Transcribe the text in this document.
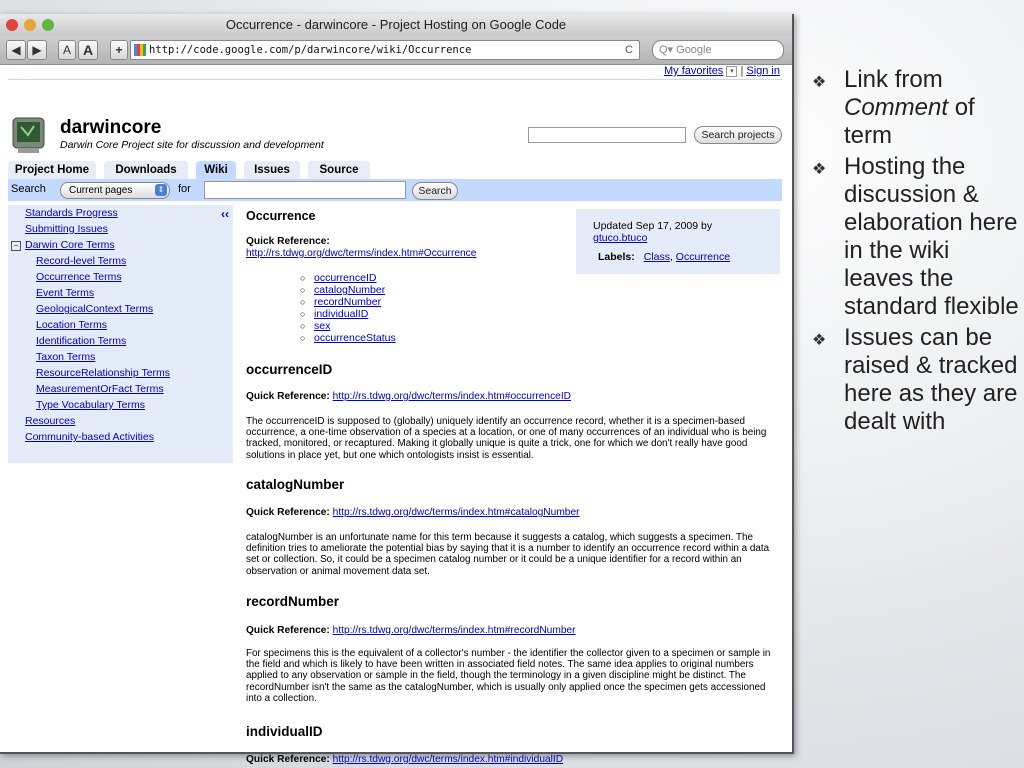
Occurrence - darwincore - Project Hosting on Google Code
◀ ▶	A A	+	http://code.google.com/p/darwincore/wiki/Occurrence	C	Q▾ Google
My favorites ▾ | Sign in
darwincore
Darwin Core Project site for discussion and development
Search projects
Project Home	Downloads	Wiki	Issues	Source
Search	Current pages	⇕ for	Search
‹‹
Standards Progress
Submitting Issues
− Darwin Core Terms
Record-level Terms
Occurrence Terms
Event Terms
GeologicalContext Terms
Location Terms
Identification Terms
Taxon Terms
ResourceRelationship Terms
MeasurementOrFact Terms
Type Vocabulary Terms
Resources
Community-based Activities
Updated Sep 17, 2009 by
gtuco.btuco
Labels: Class, Occurrence
Occurrence
Quick Reference:
http://rs.tdwg.org/dwc/terms/index.htm#Occurrence
occurrenceID
Quick Reference: http://rs.tdwg.org/dwc/terms/index.htm#occurrenceID
The occurrenceID is supposed to (globally) uniquely identify an occurrence record, whether it is a specimen-based occurrence, a one-time observation of a species at a location, or one of many occurrences of an individual who is being tracked, monitored, or recaptured. Making it globally unique is quite a trick, one for which we don't really have good solutions in place yet, but one which ontologists insist is essential.
catalogNumber
Quick Reference: http://rs.tdwg.org/dwc/terms/index.htm#catalogNumber
catalogNumber is an unfortunate name for this term because it suggests a catalog, which suggests a specimen. The definition tries to ameliorate the potential bias by saying that it is a number to identify an occurrence record within a data set or collection. So, it could be a specimen catalog number or it could be a unique identifier for a record within an observation or animal movement data set.
recordNumber
Quick Reference: http://rs.tdwg.org/dwc/terms/index.htm#recordNumber
For specimens this is the equivalent of a collector's number - the identifier the collector given to a specimen or sample in the field and which is likely to have been written in associated field notes. The same idea applies to original numbers applied to any observation or sample in the field, though the terminology in a given discipline might be distinct. The recordNumber isn't the same as the catalogNumber, which is usually only applied once the specimen gets accessioned into a collection.
individualID
Quick Reference: http://rs.tdwg.org/dwc/terms/index.htm#individualID
○ occurrenceID
○ catalogNumber
○ recordNumber
○ individualID
○ sex
○ occurrenceStatus
❖ Link from
Comment of term
❖ Hosting the discussion & elaboration here in the wiki leaves the standard flexible
❖ Issues can be raised & tracked here as they are dealt with
